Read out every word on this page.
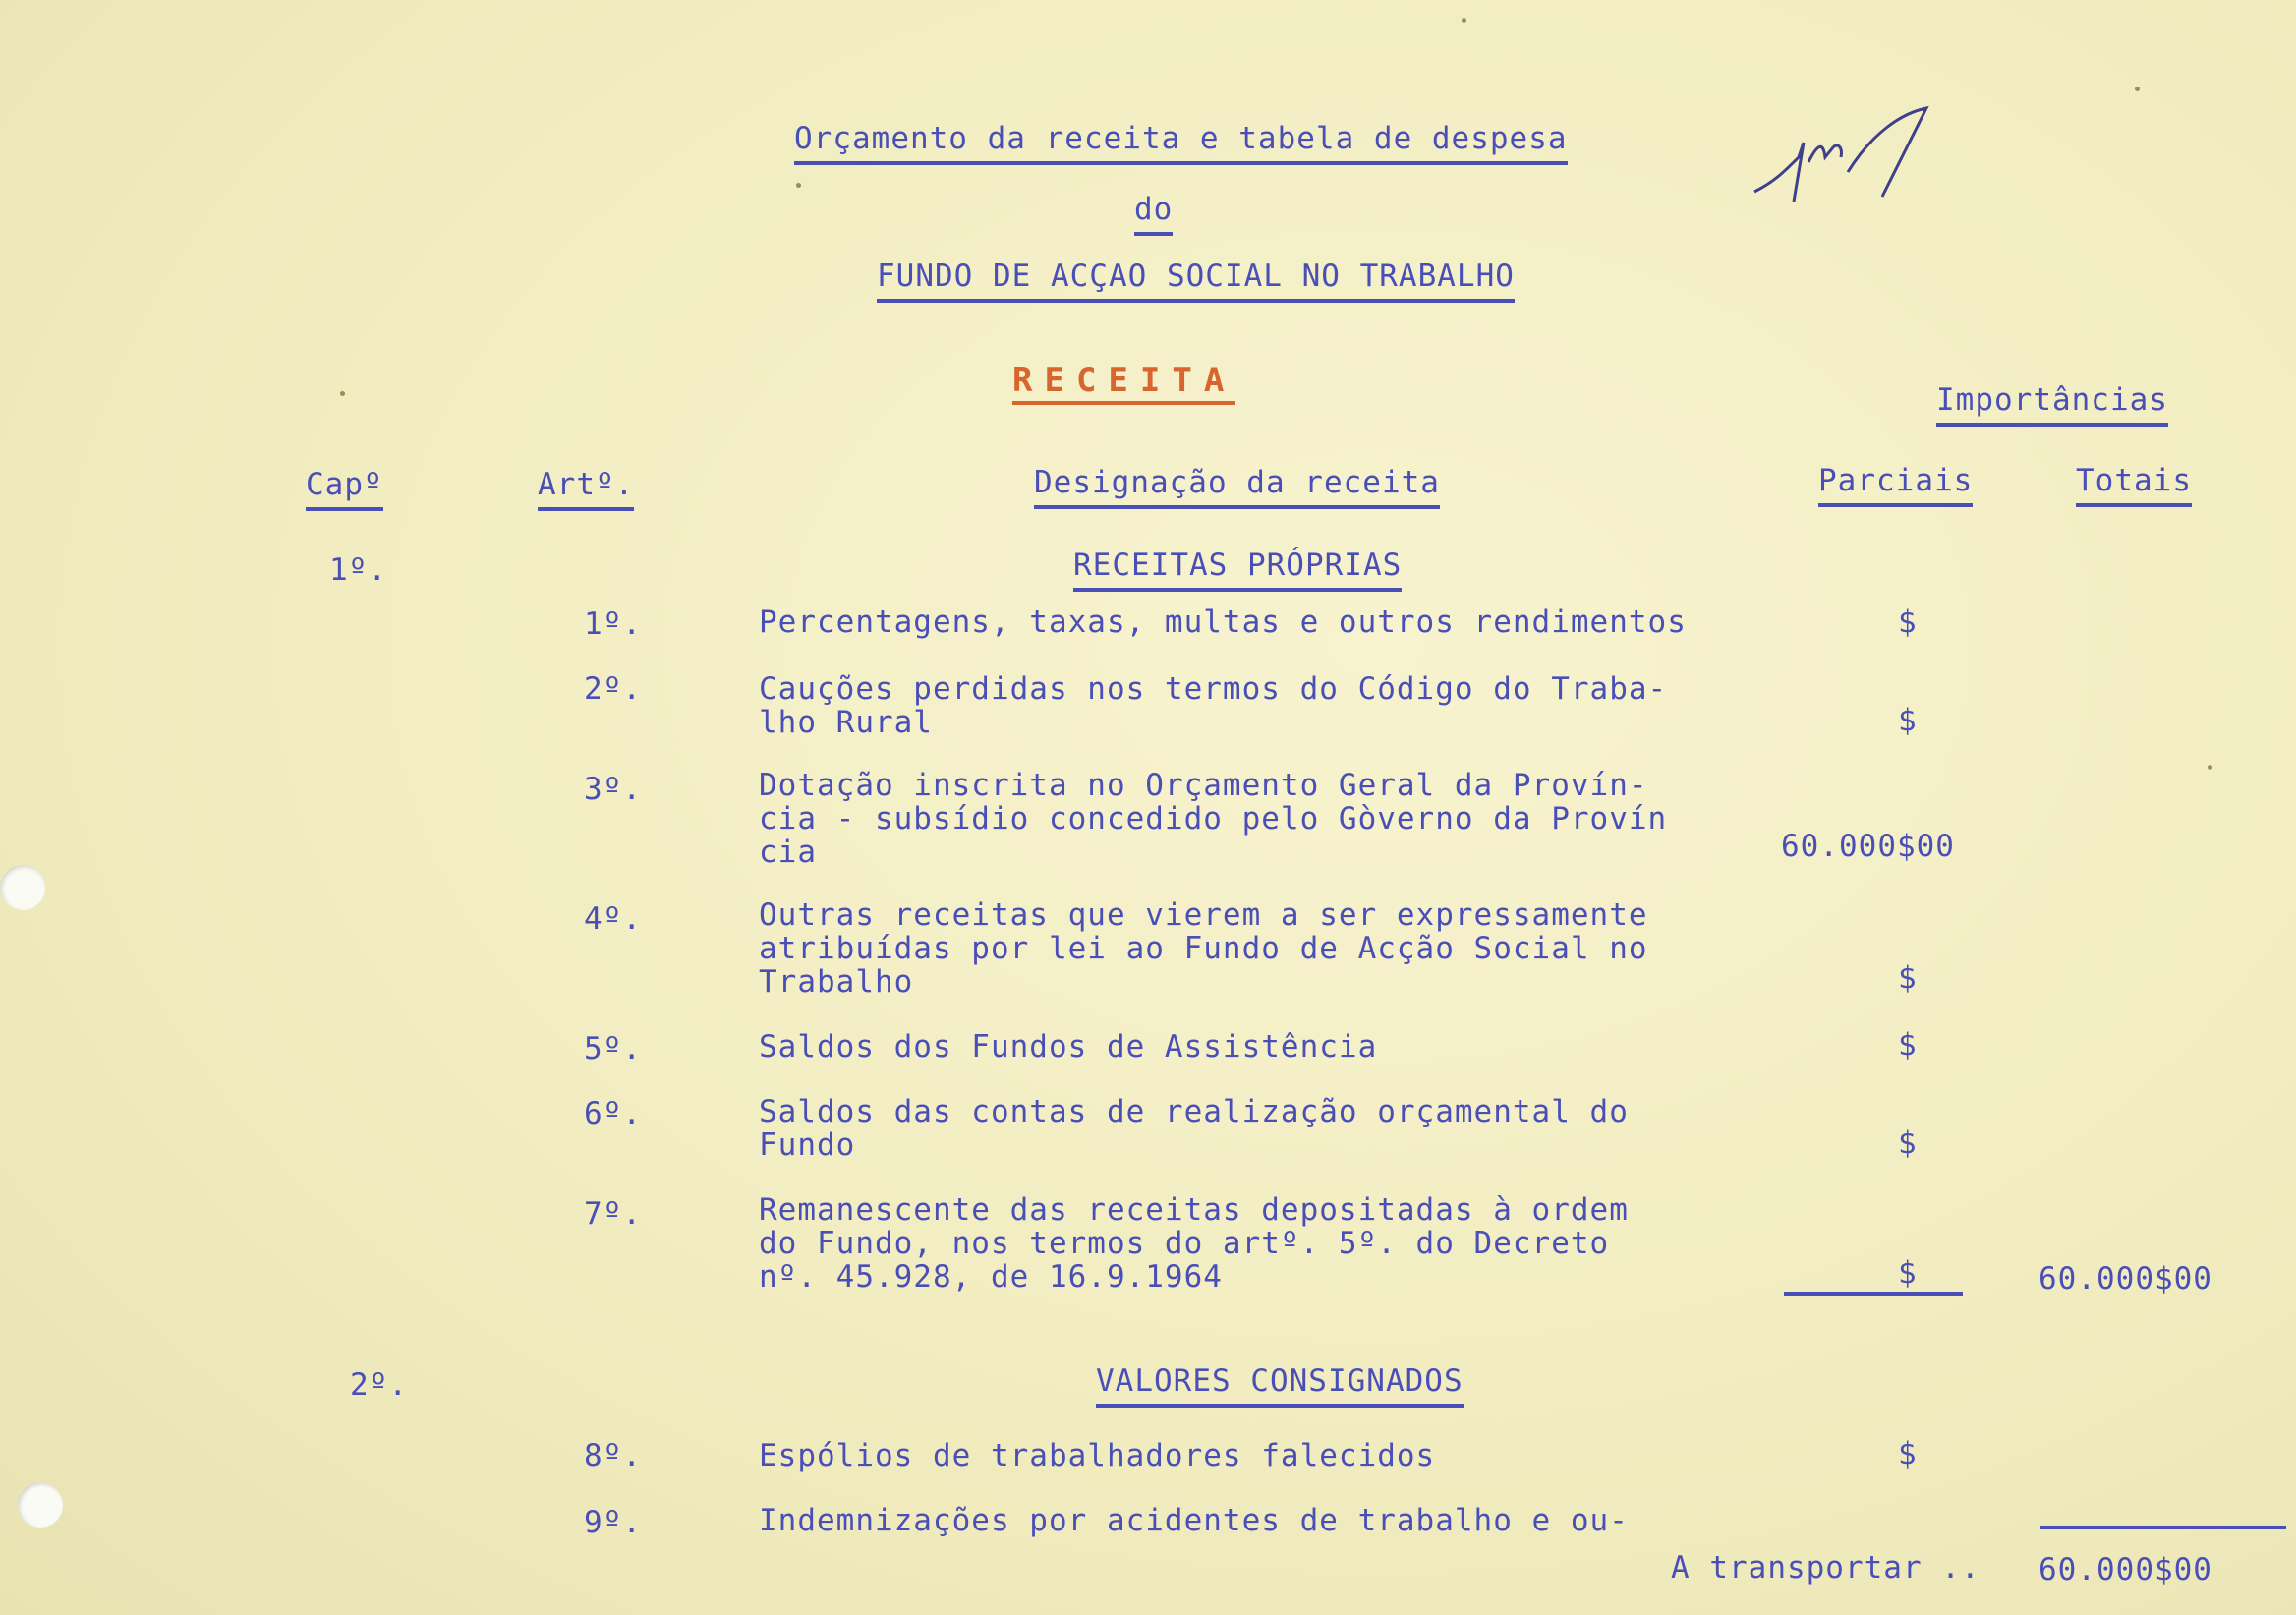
Orçamento da receita e tabela de despesa
do
FUNDO DE ACÇAO SOCIAL NO TRABALHO
RECEITA	Importâncias
Capº	Artº.	Designação da receita	Parciais	Totais
1º.	RECEITAS PRÓPRIAS
1º.	Percentagens, taxas, multas e outros rendimentos	$
2º.	Cauções perdidas nos termos do Código do Traba-
lho Rural	$
3º.	Dotação inscrita no Orçamento Geral da Provín-
cia - subsídio concedido pelo Gòverno da Provín
cia	60.000$00
4º.	Outras receitas que vierem a ser expressamente
atribuídas por lei ao Fundo de Acção Social no
Trabalho	$
5º.	Saldos dos Fundos de Assistência	$
6º.	Saldos das contas de realização orçamental do
Fundo	$
7º.	Remanescente das receitas depositadas à ordem
do Fundo, nos termos do artº. 5º. do Decreto
nº. 45.928, de 16.9.1964	$	60.000$00
2º.	VALORES CONSIGNADOS
8º.	Espólios de trabalhadores falecidos	$
9º.	Indemnizações por acidentes de trabalho e ou-
A transportar .. 60.000$00
